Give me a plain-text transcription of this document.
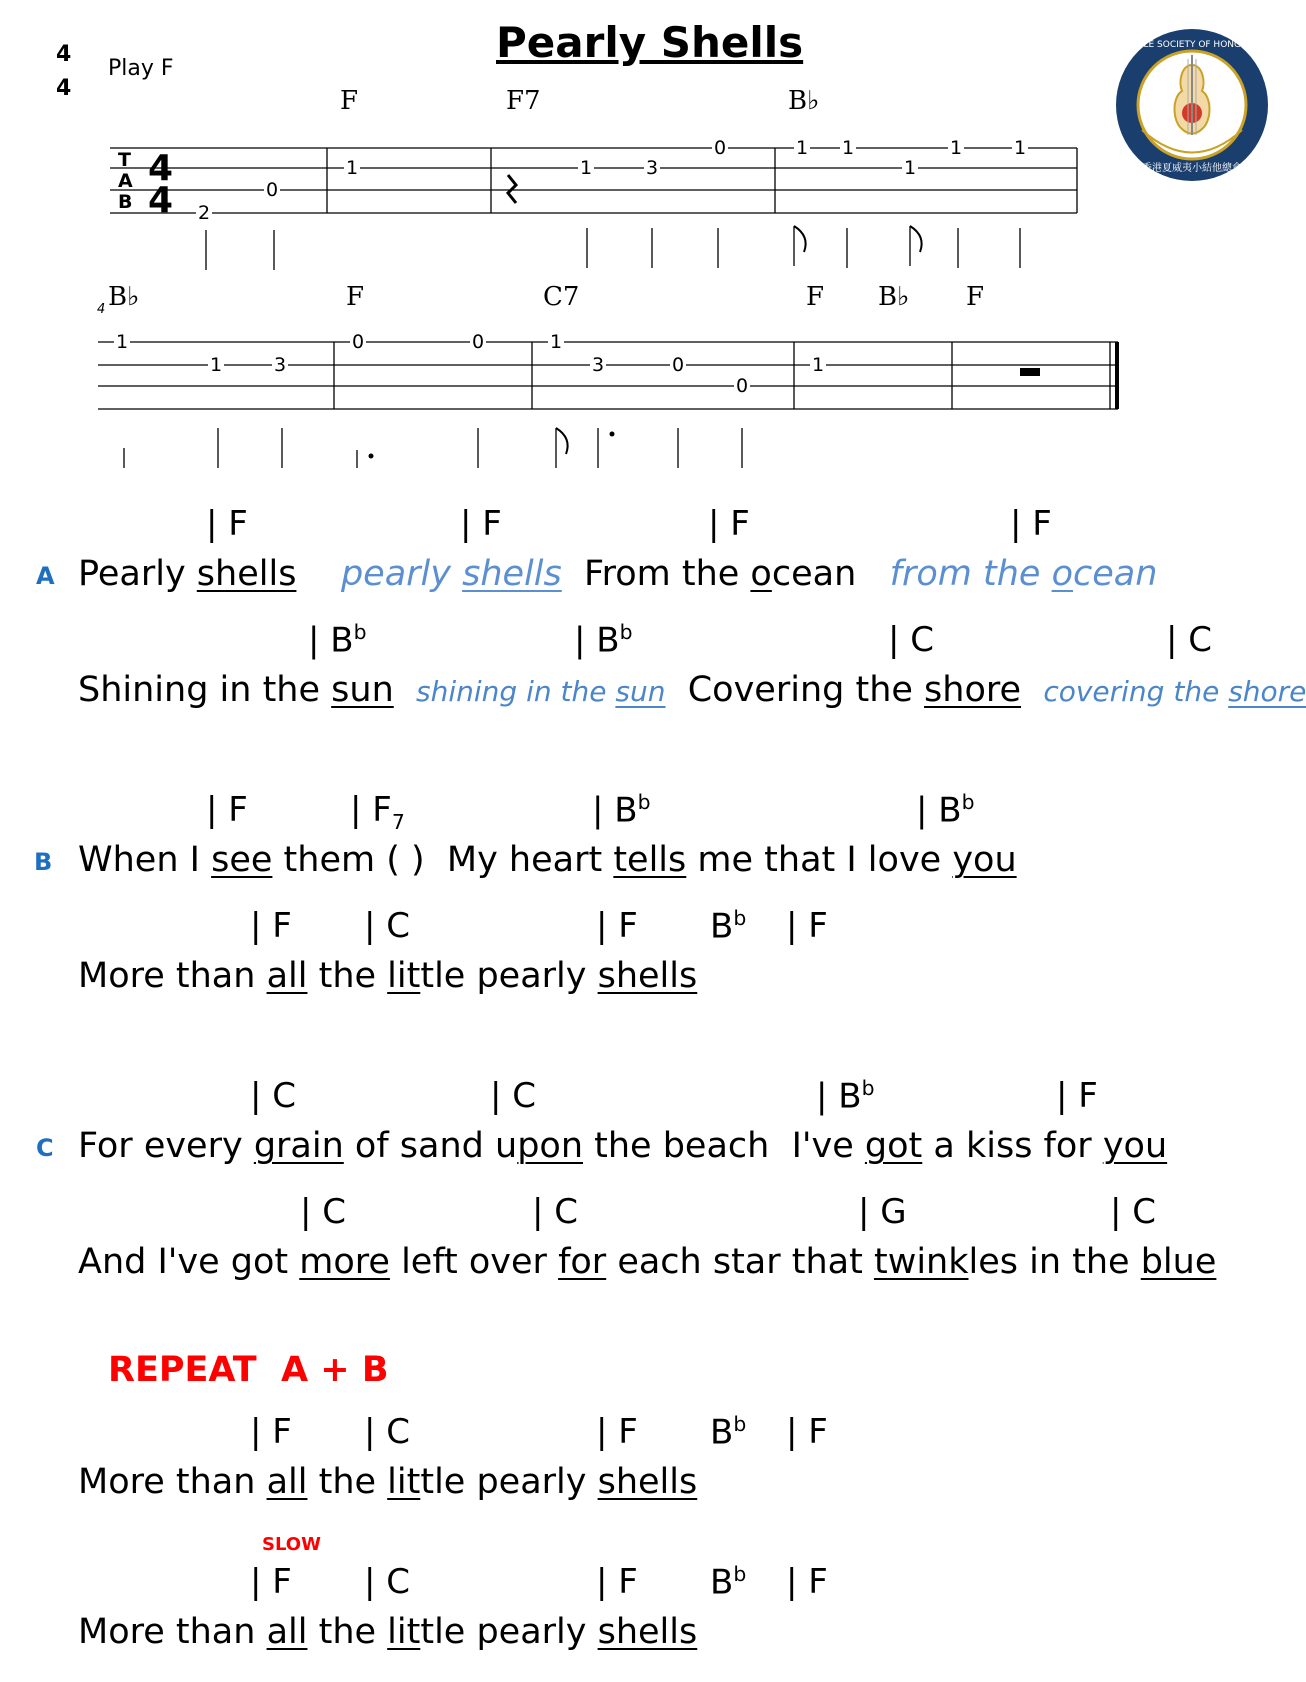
Pearly Shells
4
4
Play F

UKULELE SOCIETY OF HONG KONG
香港夏威夷小結他總會

T
A
B
4
4

F

	F7

	B♭

2

0

1

	1

	3

0

	1

1

1

1

	1

4

B♭

	F

	C7

	F

B♭

F

1

1

	3

0

	0

	1

3

	0

0

1

A
| F	| F	| F	| F
Pearly shells pearly shells From the ocean from the ocean
| $B^b$	| $B^b$	| C	| C
Shining in the sun shining in the sun Covering the shore covering the shore
B
| F	| $F_7$	| $B^b$	| $B^b$
When I see them ( )  My heart tells me that I love you
| F | C	| F $B^b$ | F
More than all the little pearly shells
C
| C	| C	| $B^b$	| F
For every grain of sand upon the beach  I've got a kiss for you
| C	| C	| G	| C
And I've got more left over for each star that twinkles in the blue
REPEAT  A + B
| F | C	| F $B^b$ | F
More than all the little pearly shells
SLOW
| F | C	| F $B^b$ | F
More than all the little pearly shells
